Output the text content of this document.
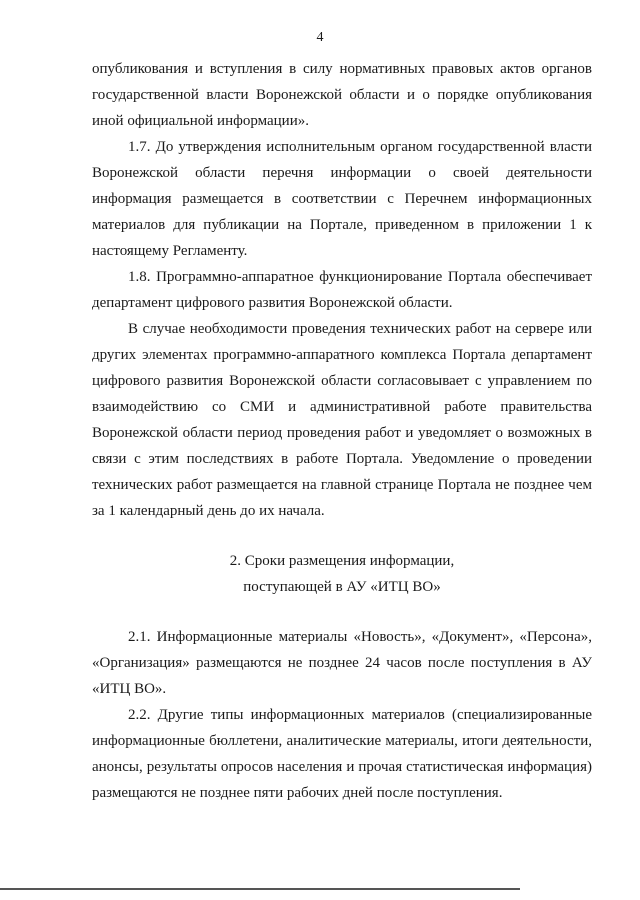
4

опубликования и вступления в силу нормативных правовых актов органов государственной власти Воронежской области и о порядке опубликования иной официальной информации».

1.7. До утверждения исполнительным органом государственной власти Воронежской области перечня информации о своей деятельности информация размещается в соответствии с Перечнем информационных материалов для публикации на Портале, приведенном в приложении 1 к настоящему Регламенту.

1.8. Программно-аппаратное функционирование Портала обеспечивает департамент цифрового развития Воронежской области.

В случае необходимости проведения технических работ на сервере или других элементах программно-аппаратного комплекса Портала департамент цифрового развития Воронежской области согласовывает с управлением по взаимодействию со СМИ и административной работе правительства Воронежской области период проведения работ и уведомляет о возможных в связи с этим последствиях в работе Портала. Уведомление о проведении технических работ размещается на главной странице Портала не позднее чем за 1 календарный день до их начала.

2. Сроки размещения информации,
поступающей в АУ «ИТЦ ВО»

2.1. Информационные материалы «Новость», «Документ», «Персона», «Организация» размещаются не позднее 24 часов после поступления в АУ «ИТЦ ВО».

2.2. Другие типы информационных материалов (специализированные информационные бюллетени, аналитические материалы, итоги деятельности, анонсы, результаты опросов населения и прочая статистическая информация) размещаются не позднее пяти рабочих дней после поступления.
